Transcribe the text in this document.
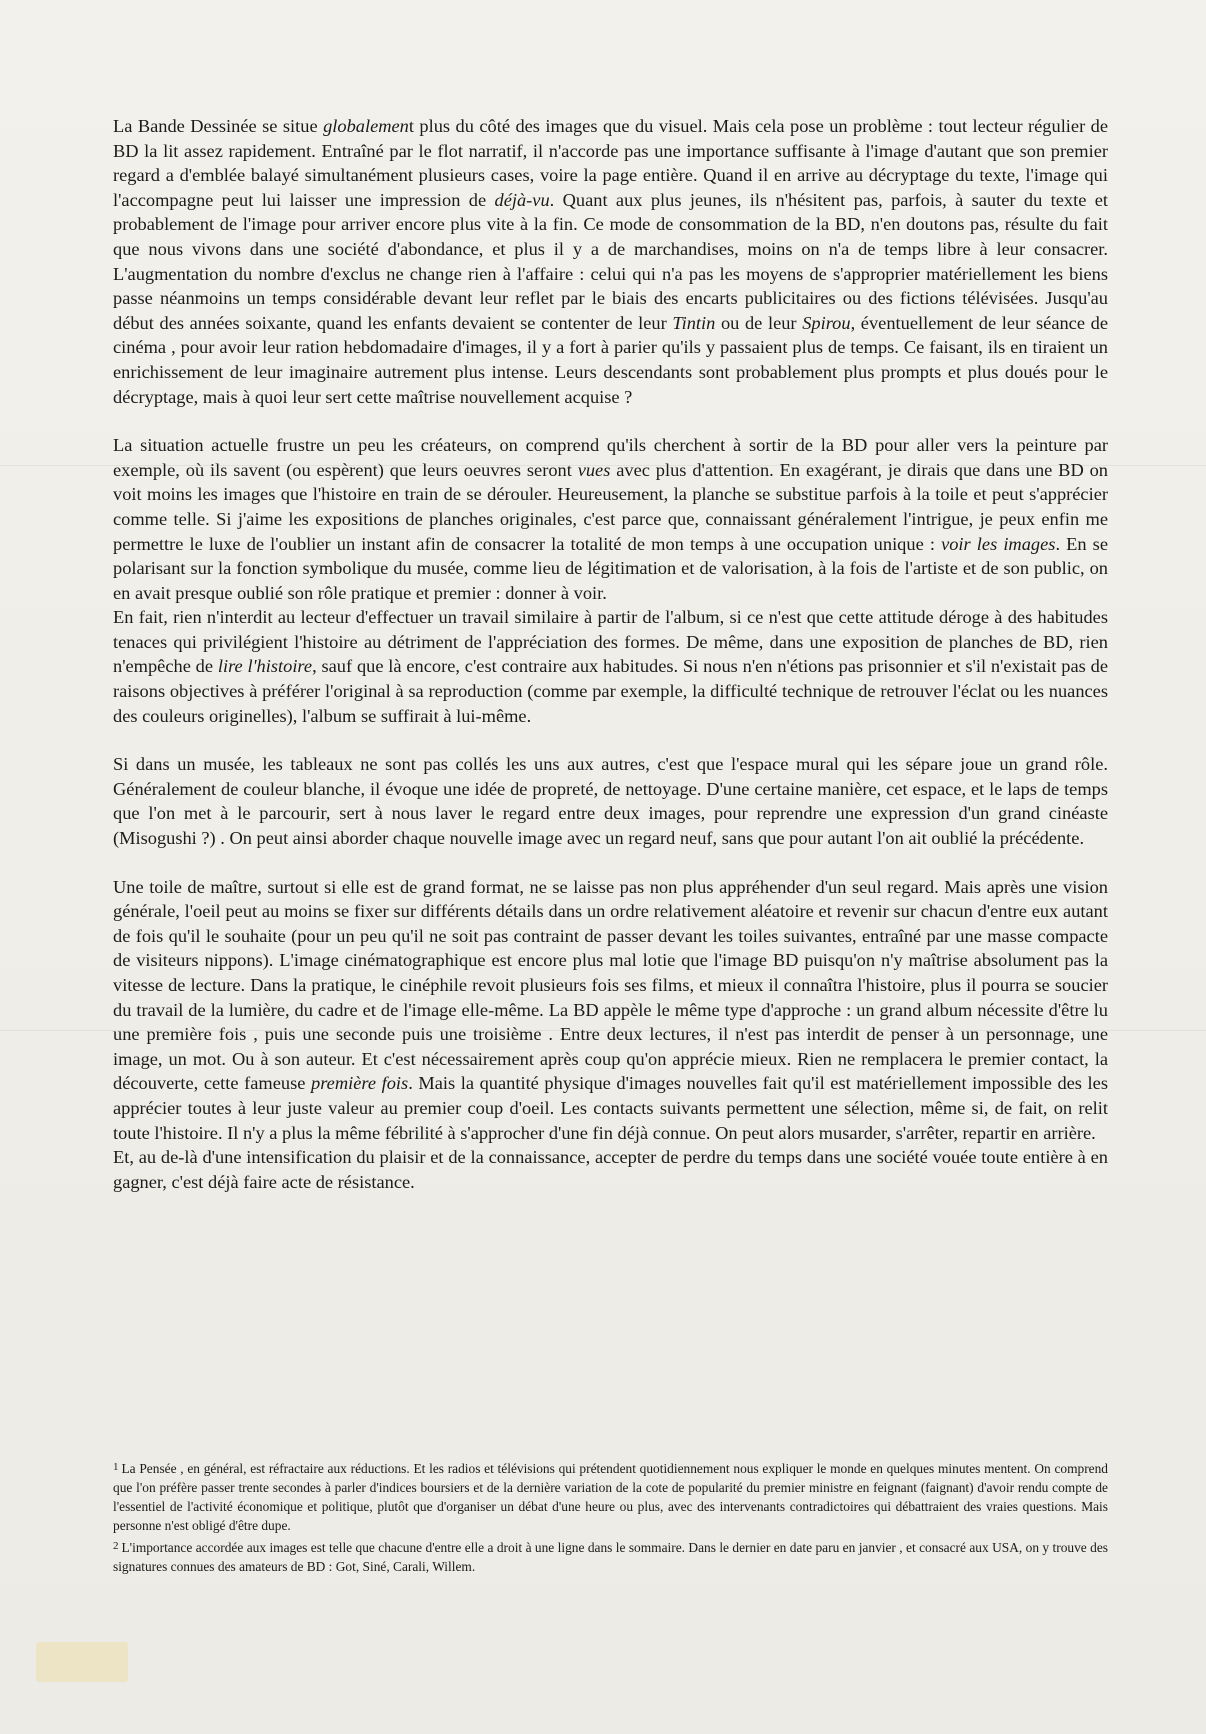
La Bande Dessinée se situe globalement plus du côté des images que du visuel. Mais cela pose un problème : tout lecteur régulier de BD la lit assez rapidement. Entraîné par le flot narratif, il n'accorde pas une importance suffisante à l'image d'autant que son premier regard a d'emblée balayé simultanément plusieurs cases, voire la page entière. Quand il en arrive au décryptage du texte, l'image qui l'accompagne peut lui laisser une impression de déjà-vu. Quant aux plus jeunes, ils n'hésitent pas, parfois, à sauter du texte et probablement de l'image pour arriver encore plus vite à la fin. Ce mode de consommation de la BD, n'en doutons pas, résulte du fait que nous vivons dans une société d'abondance, et plus il y a de marchandises, moins on n'a de temps libre à leur consacrer. L'augmentation du nombre d'exclus ne change rien à l'affaire : celui qui n'a pas les moyens de s'approprier matériellement les biens passe néanmoins un temps considérable devant leur reflet par le biais des encarts publicitaires ou des fictions télévisées. Jusqu'au début des années soixante, quand les enfants devaient se contenter de leur Tintin ou de leur Spirou, éventuellement de leur séance de cinéma , pour avoir leur ration hebdomadaire d'images, il y a fort à parier qu'ils y passaient plus de temps. Ce faisant, ils en tiraient un enrichissement de leur imaginaire autrement plus intense. Leurs descendants sont probablement plus prompts et plus doués pour le décryptage, mais à quoi leur sert cette maîtrise nouvellement acquise ?

La situation actuelle frustre un peu les créateurs, on comprend qu'ils cherchent à sortir de la BD pour aller vers la peinture par exemple, où ils savent (ou espèrent) que leurs oeuvres seront vues avec plus d'attention. En exagérant, je dirais que dans une BD on voit moins les images que l'histoire en train de se dérouler. Heureusement, la planche se substitue parfois à la toile et peut s'apprécier comme telle. Si j'aime les expositions de planches originales, c'est parce que, connaissant généralement l'intrigue, je peux enfin me permettre le luxe de l'oublier un instant afin de consacrer la totalité de mon temps à une occupation unique : voir les images. En se polarisant sur la fonction symbolique du musée, comme lieu de légitimation et de valorisation, à la fois de l'artiste et de son public, on en avait presque oublié son rôle pratique et premier : donner à voir.

En fait, rien n'interdit au lecteur d'effectuer un travail similaire à partir de l'album, si ce n'est que cette attitude déroge à des habitudes tenaces qui privilégient l'histoire au détriment de l'appréciation des formes. De même, dans une exposition de planches de BD, rien n'empêche de lire l'histoire, sauf que là encore, c'est contraire aux habitudes. Si nous n'en n'étions pas prisonnier et s'il n'existait pas de raisons objectives à préférer l'original à sa reproduction (comme par exemple, la difficulté technique de retrouver l'éclat ou les nuances des couleurs originelles), l'album se suffirait à lui-même.

Si dans un musée, les tableaux ne sont pas collés les uns aux autres, c'est que l'espace mural qui les sépare joue un grand rôle. Généralement de couleur blanche, il évoque une idée de propreté, de nettoyage. D'une certaine manière, cet espace, et le laps de temps que l'on met à le parcourir, sert à nous laver le regard entre deux images, pour reprendre une expression d'un grand cinéaste (Misogushi ?) . On peut ainsi aborder chaque nouvelle image avec un regard neuf, sans que pour autant l'on ait oublié la précédente.

Une toile de maître, surtout si elle est de grand format, ne se laisse pas non plus appréhender d'un seul regard. Mais après une vision générale, l'oeil peut au moins se fixer sur différents détails dans un ordre relativement aléatoire et revenir sur chacun d'entre eux autant de fois qu'il le souhaite (pour un peu qu'il ne soit pas contraint de passer devant les toiles suivantes, entraîné par une masse compacte de visiteurs nippons). L'image cinématographique est encore plus mal lotie que l'image BD puisqu'on n'y maîtrise absolument pas la vitesse de lecture. Dans la pratique, le cinéphile revoit plusieurs fois ses films, et mieux il connaîtra l'histoire, plus il pourra se soucier du travail de la lumière, du cadre et de l'image elle-même. La BD appèle le même type d'approche : un grand album nécessite d'être lu une première fois , puis une seconde puis une troisième . Entre deux lectures, il n'est pas interdit de penser à un personnage, une image, un mot. Ou à son auteur. Et c'est nécessairement après coup qu'on apprécie mieux. Rien ne remplacera le premier contact, la découverte, cette fameuse première fois. Mais la quantité physique d'images nouvelles fait qu'il est matériellement impossible des les apprécier toutes à leur juste valeur au premier coup d'oeil. Les contacts suivants permettent une sélection, même si, de fait, on relit toute l'histoire. Il n'y a plus la même fébrilité à s'approcher d'une fin déjà connue. On peut alors musarder, s'arrêter, repartir en arrière.

Et, au de-là d'une intensification du plaisir et de la connaissance, accepter de perdre du temps dans une société vouée toute entière à en gagner, c'est déjà faire acte de résistance.

$^1$ La Pensée , en général, est réfractaire aux réductions. Et les radios et télévisions qui prétendent quotidiennement nous expliquer le monde en quelques minutes mentent. On comprend que l'on préfère passer trente secondes à parler d'indices boursiers et de la dernière variation de la cote de popularité du premier ministre en feignant (faignant) d'avoir rendu compte de l'essentiel de l'activité économique et politique, plutôt que d'organiser un débat d'une heure ou plus, avec des intervenants contradictoires qui débattraient des vraies questions. Mais personne n'est obligé d'être dupe.

$^2$ L'importance accordée aux images est telle que chacune d'entre elle a droit à une ligne dans le sommaire. Dans le dernier en date paru en janvier , et consacré aux USA, on y trouve des signatures connues des amateurs de BD : Got, Siné, Carali, Willem.
